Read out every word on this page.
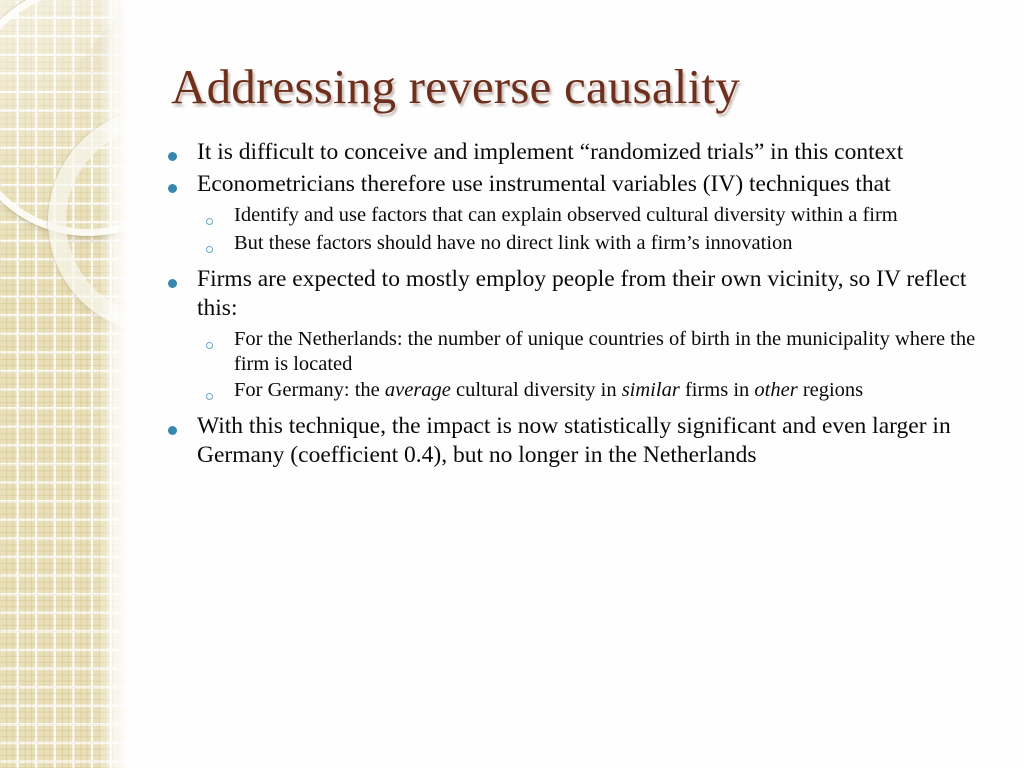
Addressing reverse causality
It is difficult to conceive and implement “randomized trials” in this context
Econometricians therefore use instrumental variables (IV) techniques that
Identify and use factors that can explain observed cultural diversity within a firm
But these factors should have no direct link with a firm’s innovation
Firms are expected to mostly employ people from their own vicinity, so IV reflect this:
For the Netherlands: the number of unique countries of birth in the municipality where the firm is located
For Germany: the average cultural diversity in similar firms in other regions
With this technique, the impact is now statistically significant and even larger in Germany (coefficient 0.4), but no longer in the Netherlands
